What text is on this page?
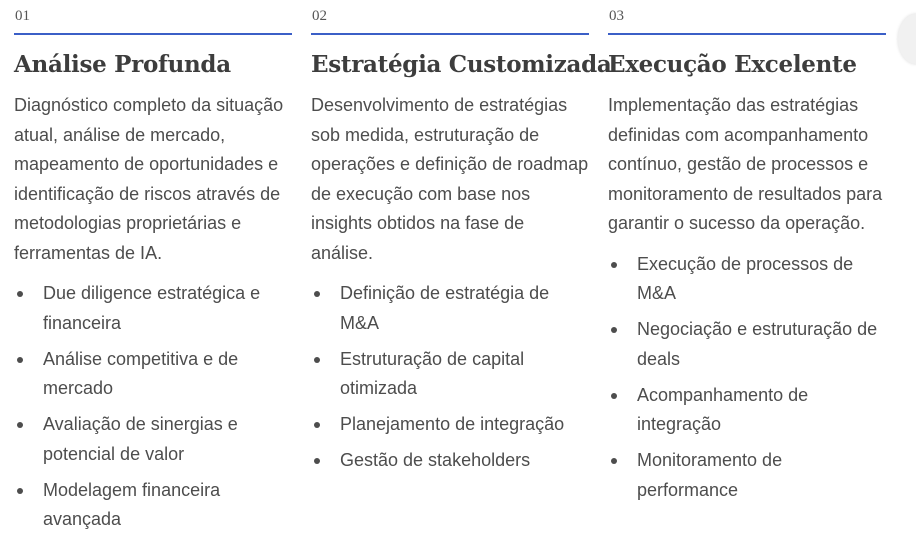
01
Análise Profunda

Diagnóstico completo da situação atual, análise de mercado, mapeamento de oportunidades e identificação de riscos através de metodologias proprietárias e ferramentas de IA.

Due diligence estratégica e financeira
Análise competitiva e de mercado
Avaliação de sinergias e potencial de valor
Modelagem financeira avançada
02
Estratégia Customizada

Desenvolvimento de estratégias sob medida, estruturação de operações e definição de roadmap de execução com base nos insights obtidos na fase de análise.

Definição de estratégia de M&A
Estruturação de capital otimizada
Planejamento de integração
Gestão de stakeholders
03
Execução Excelente

Implementação das estratégias definidas com acompanhamento contínuo, gestão de processos e monitoramento de resultados para garantir o sucesso da operação.

Execução de processos de M&A
Negociação e estruturação de deals
Acompanhamento de integração
Monitoramento de performance
